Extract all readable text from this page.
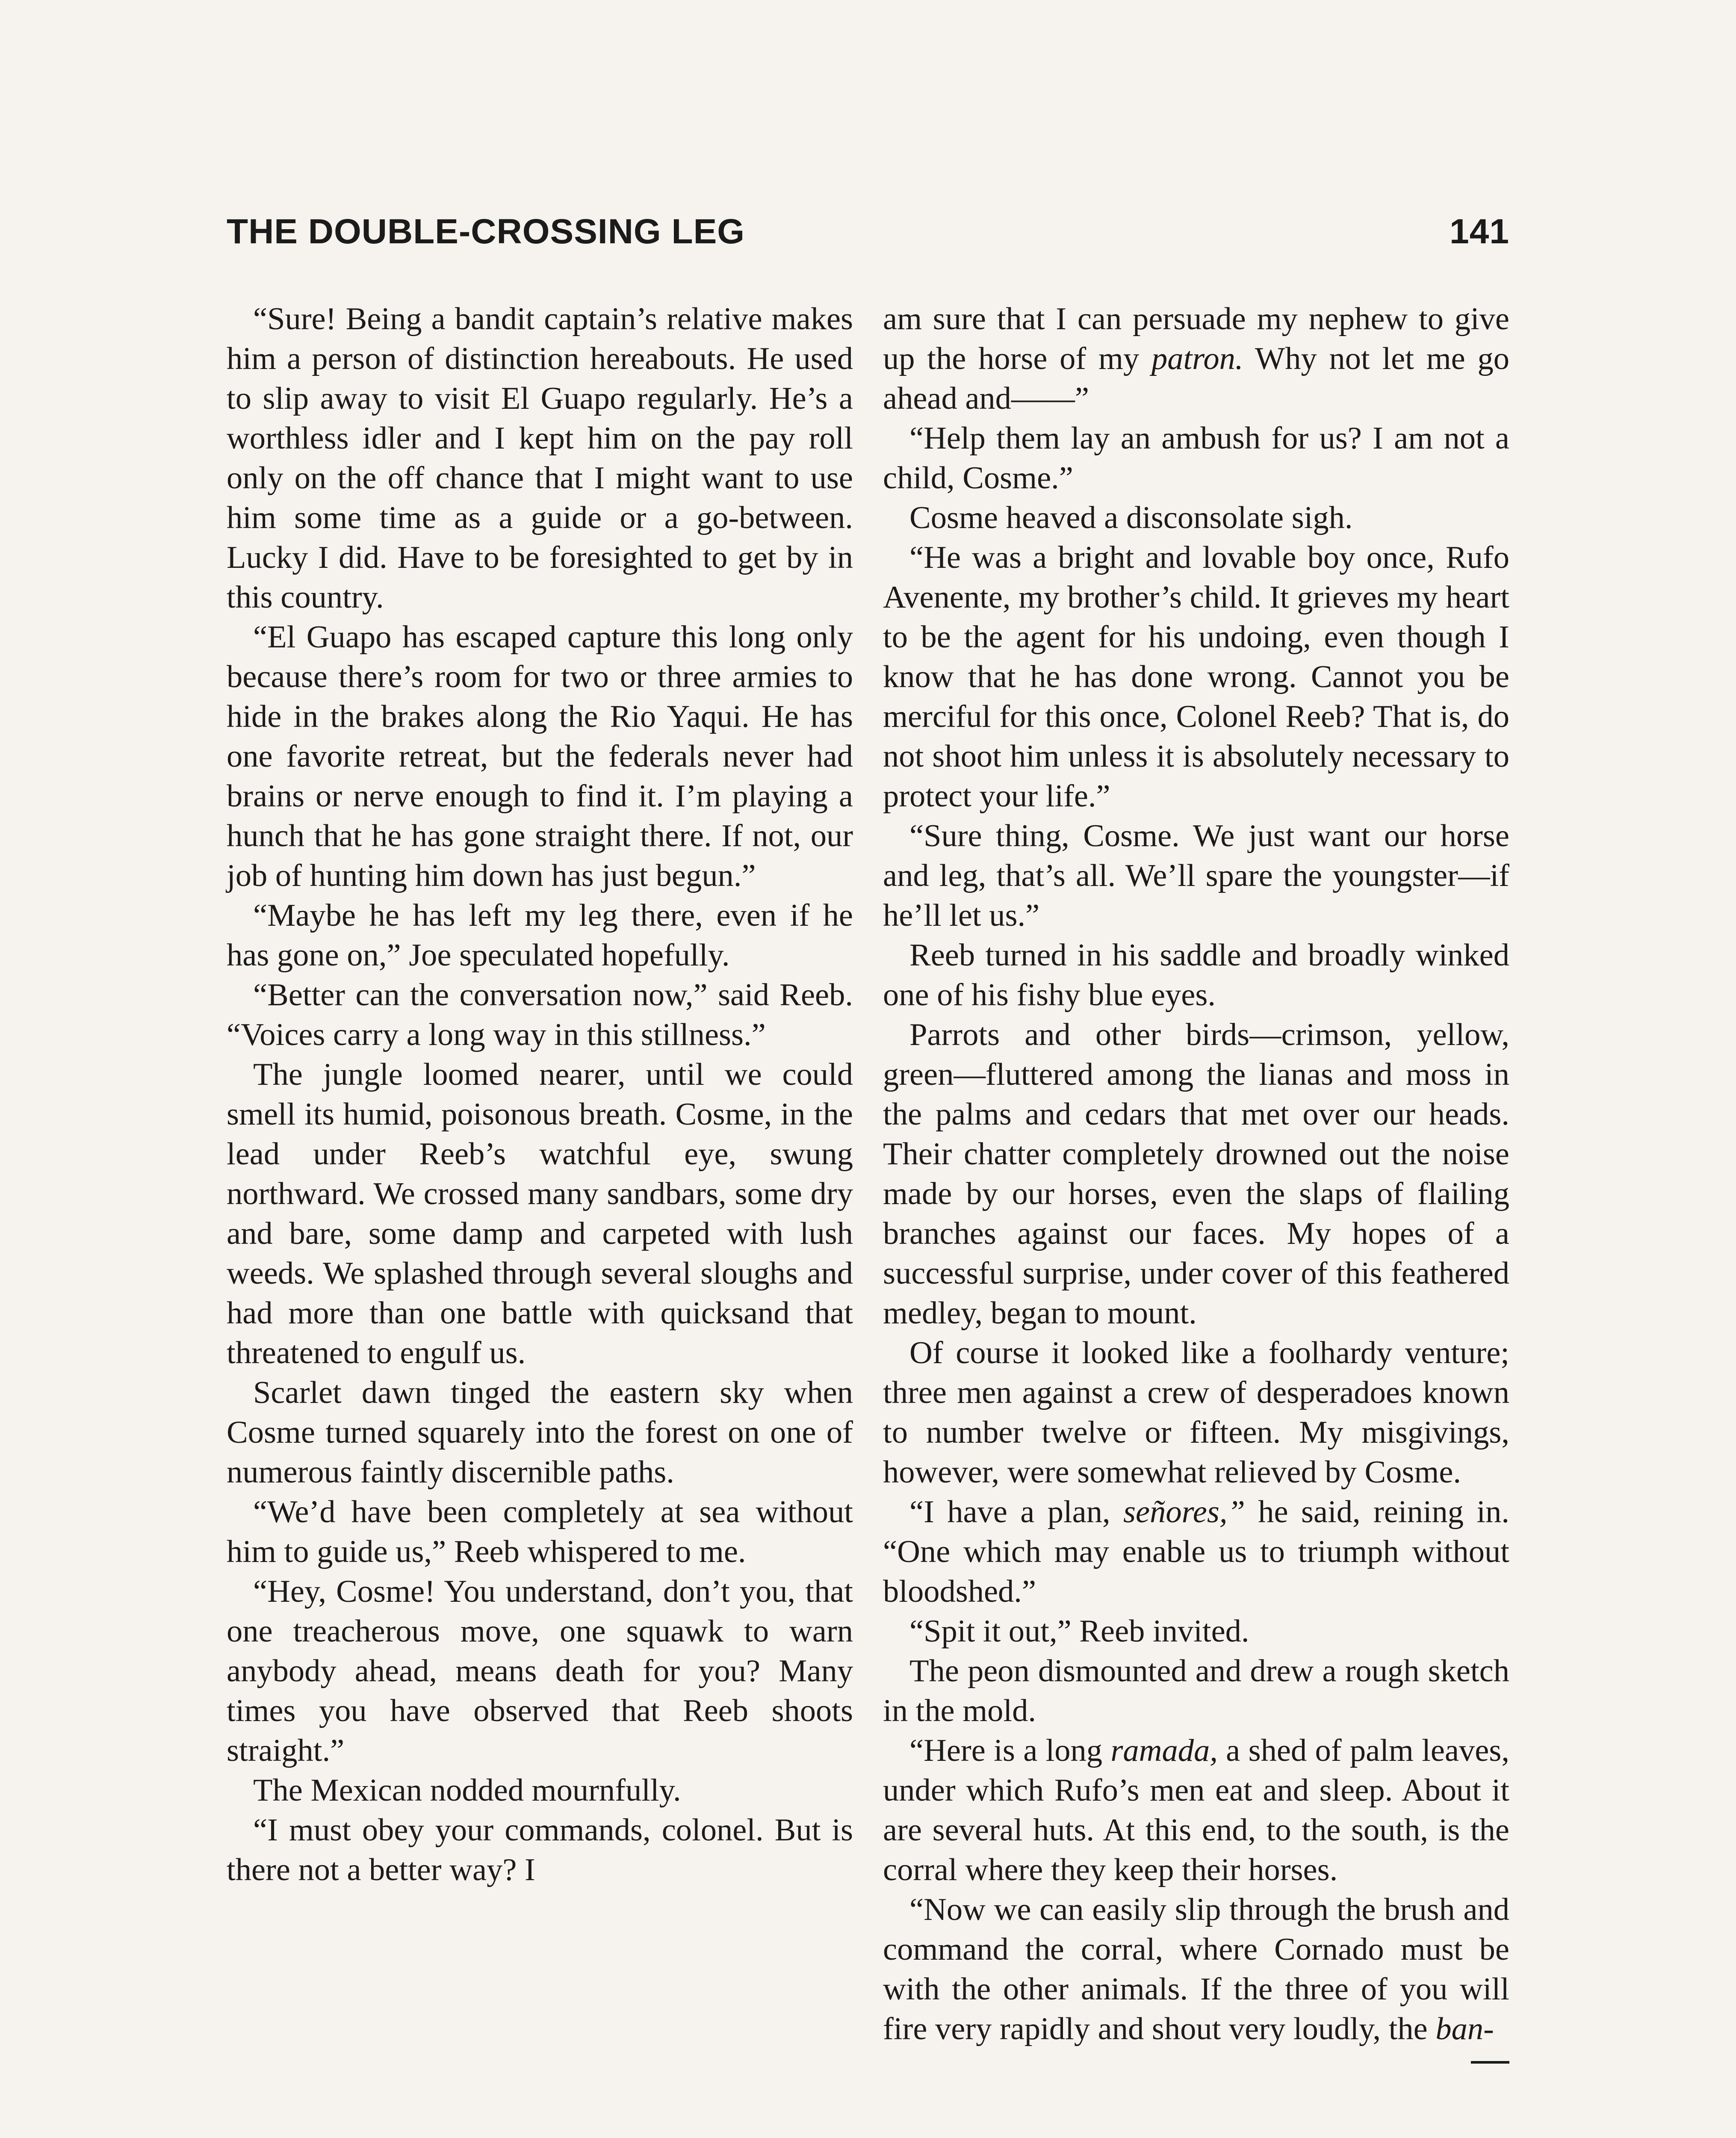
THE DOUBLE-CROSSING LEG	141

“Sure! Being a bandit captain’s relative makes him a person of distinction hereabouts. He used to slip away to visit El Guapo regularly. He’s a worthless idler and I kept him on the pay roll only on the off chance that I might want to use him some time as a guide or a go-between. Lucky I did. Have to be foresighted to get by in this country.

“El Guapo has escaped capture this long only because there’s room for two or three armies to hide in the brakes along the Rio Yaqui. He has one favorite retreat, but the federals never had brains or nerve enough to find it. I’m playing a hunch that he has gone straight there. If not, our job of hunting him down has just begun.”

“Maybe he has left my leg there, even if he has gone on,” Joe speculated hopefully.

“Better can the conversation now,” said Reeb. “Voices carry a long way in this stillness.”

The jungle loomed nearer, until we could smell its humid, poisonous breath. Cosme, in the lead under Reeb’s watchful eye, swung northward. We crossed many sandbars, some dry and bare, some damp and carpeted with lush weeds. We splashed through several sloughs and had more than one battle with quicksand that threatened to engulf us.

Scarlet dawn tinged the eastern sky when Cosme turned squarely into the forest on one of numerous faintly discernible paths.

“We’d have been completely at sea without him to guide us,” Reeb whispered to me.

“Hey, Cosme! You understand, don’t you, that one treacherous move, one squawk to warn anybody ahead, means death for you? Many times you have observed that Reeb shoots straight.”

The Mexican nodded mournfully.

“I must obey your commands, colonel. But is there not a better way? I

am sure that I can persuade my nephew to give up the horse of my patron. Why not let me go ahead and——”

“Help them lay an ambush for us? I am not a child, Cosme.”

Cosme heaved a disconsolate sigh.

“He was a bright and lovable boy once, Rufo Avenente, my brother’s child. It grieves my heart to be the agent for his undoing, even though I know that he has done wrong. Cannot you be merciful for this once, Colonel Reeb? That is, do not shoot him unless it is absolutely necessary to protect your life.”

“Sure thing, Cosme. We just want our horse and leg, that’s all. We’ll spare the youngster—if he’ll let us.”

Reeb turned in his saddle and broadly winked one of his fishy blue eyes.

Parrots and other birds—crimson, yellow, green—fluttered among the lianas and moss in the palms and cedars that met over our heads. Their chatter completely drowned out the noise made by our horses, even the slaps of flailing branches against our faces. My hopes of a successful surprise, under cover of this feathered medley, began to mount.

Of course it looked like a foolhardy venture; three men against a crew of desperadoes known to number twelve or fifteen. My misgivings, however, were somewhat relieved by Cosme.

“I have a plan, señores,” he said, reining in. “One which may enable us to triumph without bloodshed.”

“Spit it out,” Reeb invited.

The peon dismounted and drew a rough sketch in the mold.

“Here is a long ramada, a shed of palm leaves, under which Rufo’s men eat and sleep. About it are several huts. At this end, to the south, is the corral where they keep their horses.

“Now we can easily slip through the brush and command the corral, where Cornado must be with the other animals. If the three of you will fire very rapidly and shout very loudly, the ban-
